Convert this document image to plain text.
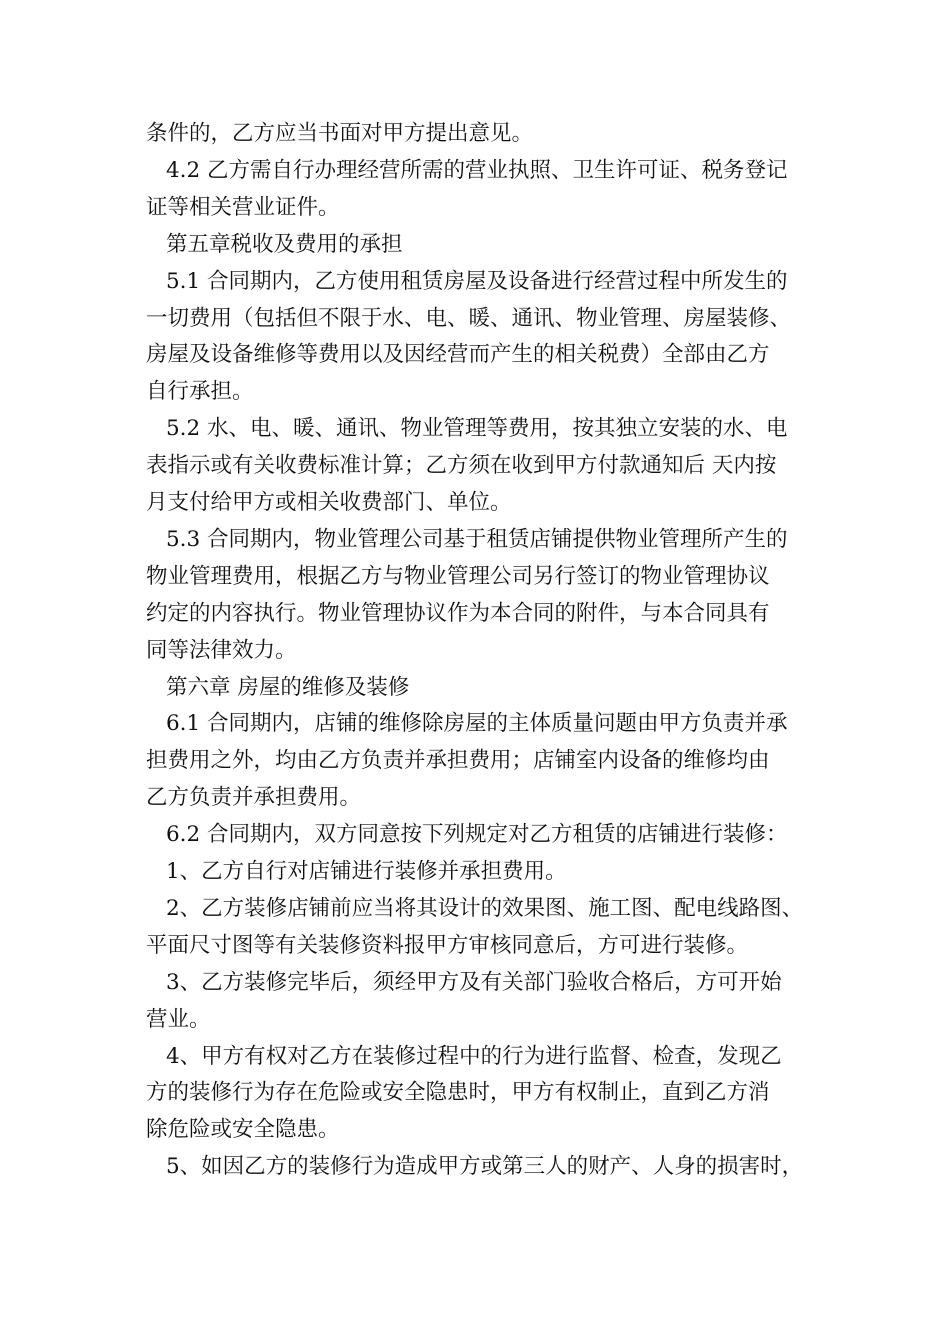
条件的，乙方应当书面对甲方提出意见。
4.2 乙方需自行办理经营所需的营业执照、卫生许可证、税务登记
证等相关营业证件。
第五章税收及费用的承担
5.1 合同期内，乙方使用租赁房屋及设备进行经营过程中所发生的
一切费用（包括但不限于水、电、暖、通讯、物业管理、房屋装修、
房屋及设备维修等费用以及因经营而产生的相关税费）全部由乙方
自行承担。
5.2 水、电、暖、通讯、物业管理等费用，按其独立安装的水、电
表指示或有关收费标准计算；乙方须在收到甲方付款通知后 天内按
月支付给甲方或相关收费部门、单位。
5.3 合同期内，物业管理公司基于租赁店铺提供物业管理所产生的
物业管理费用，根据乙方与物业管理公司另行签订的物业管理协议
约定的内容执行。物业管理协议作为本合同的附件，与本合同具有
同等法律效力。
第六章 房屋的维修及装修
6.1 合同期内，店铺的维修除房屋的主体质量问题由甲方负责并承
担费用之外，均由乙方负责并承担费用；店铺室内设备的维修均由
乙方负责并承担费用。
6.2 合同期内，双方同意按下列规定对乙方租赁的店铺进行装修：
1、乙方自行对店铺进行装修并承担费用。
2、乙方装修店铺前应当将其设计的效果图、施工图、配电线路图、
平面尺寸图等有关装修资料报甲方审核同意后，方可进行装修。
3、乙方装修完毕后，须经甲方及有关部门验收合格后，方可开始
营业。
4、甲方有权对乙方在装修过程中的行为进行监督、检查，发现乙
方的装修行为存在危险或安全隐患时，甲方有权制止，直到乙方消
除危险或安全隐患。
5、如因乙方的装修行为造成甲方或第三人的财产、人身的损害时，
